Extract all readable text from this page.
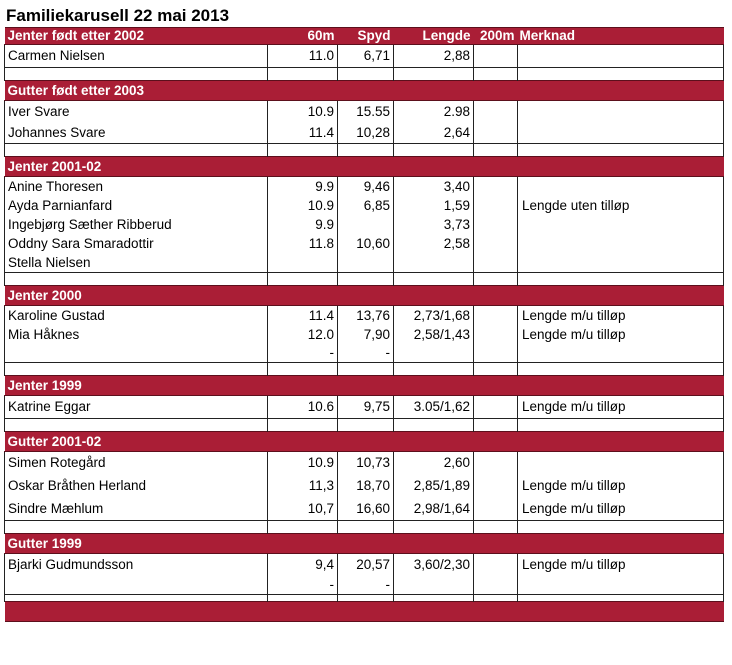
Familiekarusell 22 mai 2013
Jenter født etter 2002	60m	Spyd	Lengde	200m	Merknad
Carmen Nielsen	11.0	6,71	2,88		

Gutter født etter 2003					
Iver Svare	10.9	15.55	2.98		
Johannes Svare	11.4	10,28	2,64		

Jenter 2001-02					
Anine Thoresen	9.9	9,46	3,40		
Ayda Parnianfard	10.9	6,85	1,59		Lengde uten tilløp
Ingebjørg Sæther Ribberud	9.9		3,73		
Oddny Sara Smaradottir	11.8	10,60	2,58		
Stella Nielsen					

Jenter 2000					
Karoline Gustad	11.4	13,76	2,73/1,68		Lengde m/u tilløp
Mia Håknes	12.0	7,90	2,58/1,43		Lengde m/u tilløp
	-	-			

Jenter 1999					
Katrine Eggar	10.6	9,75	3.05/1,62		Lengde m/u tilløp

Gutter 2001-02					
Simen Rotegård	10.9	10,73	2,60		
Oskar Bråthen Herland	11,3	18,70	2,85/1,89		Lengde m/u tilløp
Sindre Mæhlum	10,7	16,60	2,98/1,64		Lengde m/u tilløp

Gutter 1999					
Bjarki Gudmundsson	9,4	20,57	3,60/2,30		Lengde m/u tilløp
	-	-			
